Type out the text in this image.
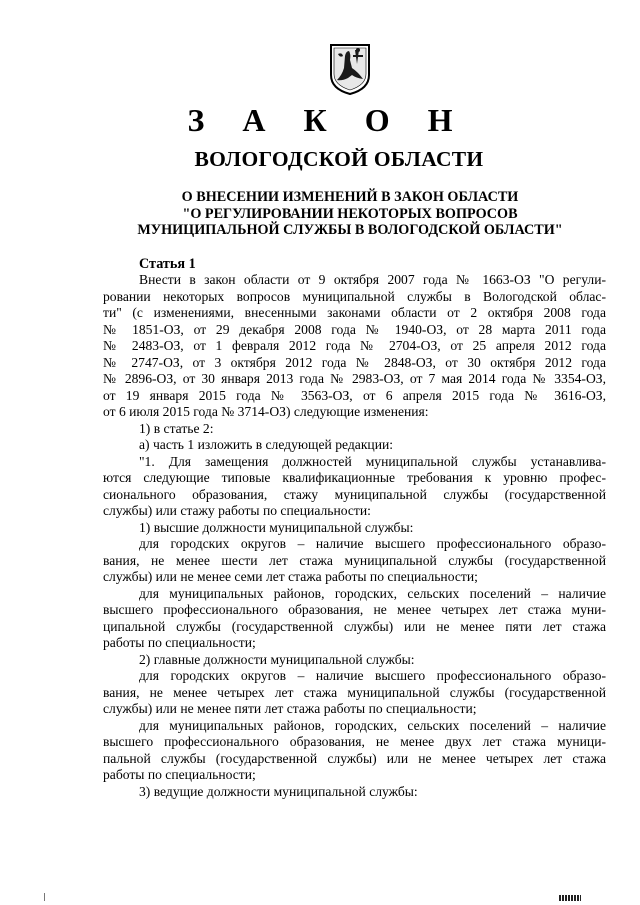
З А К О Н
ВОЛОГОДСКОЙ ОБЛАСТИ
О ВНЕСЕНИИ ИЗМЕНЕНИЙ В ЗАКОН ОБЛАСТИ
"О РЕГУЛИРОВАНИИ НЕКОТОРЫХ ВОПРОСОВ
МУНИЦИПАЛЬНОЙ СЛУЖБЫ В ВОЛОГОДСКОЙ ОБЛАСТИ"
Статья 1
Внести в закон области от 9 октября 2007 года № 1663-ОЗ "О регули-
ровании некоторых вопросов муниципальной службы в Вологодской облас-
ти" (с изменениями, внесенными законами области от 2 октября 2008 года
№ 1851-ОЗ, от 29 декабря 2008 года № 1940-ОЗ, от 28 марта 2011 года
№ 2483-ОЗ, от 1 февраля 2012 года № 2704-ОЗ, от 25 апреля 2012 года
№ 2747-ОЗ, от 3 октября 2012 года № 2848-ОЗ, от 30 октября 2012 года
№ 2896-ОЗ, от 30 января 2013 года № 2983-ОЗ, от 7 мая 2014 года № 3354-ОЗ,
от 19 января 2015 года № 3563-ОЗ, от 6 апреля 2015 года № 3616-ОЗ,
от 6 июля 2015 года № 3714-ОЗ) следующие изменения:
1) в статье 2:
а) часть 1 изложить в следующей редакции:
"1. Для замещения должностей муниципальной службы устанавлива-
ются следующие типовые квалификационные требования к уровню профес-
сионального образования, стажу муниципальной службы (государственной
службы) или стажу работы по специальности:
1) высшие должности муниципальной службы:
для городских округов – наличие высшего профессионального образо-
вания, не менее шести лет стажа муниципальной службы (государственной
службы) или не менее семи лет стажа работы по специальности;
для муниципальных районов, городских, сельских поселений – наличие
высшего профессионального образования, не менее четырех лет стажа муни-
ципальной службы (государственной службы) или не менее пяти лет стажа
работы по специальности;
2) главные должности муниципальной службы:
для городских округов – наличие высшего профессионального образо-
вания, не менее четырех лет стажа муниципальной службы (государственной
службы) или не менее пяти лет стажа работы по специальности;
для муниципальных районов, городских, сельских поселений – наличие
высшего профессионального образования, не менее двух лет стажа муници-
пальной службы (государственной службы) или не менее четырех лет стажа
работы по специальности;
3) ведущие должности муниципальной службы:
